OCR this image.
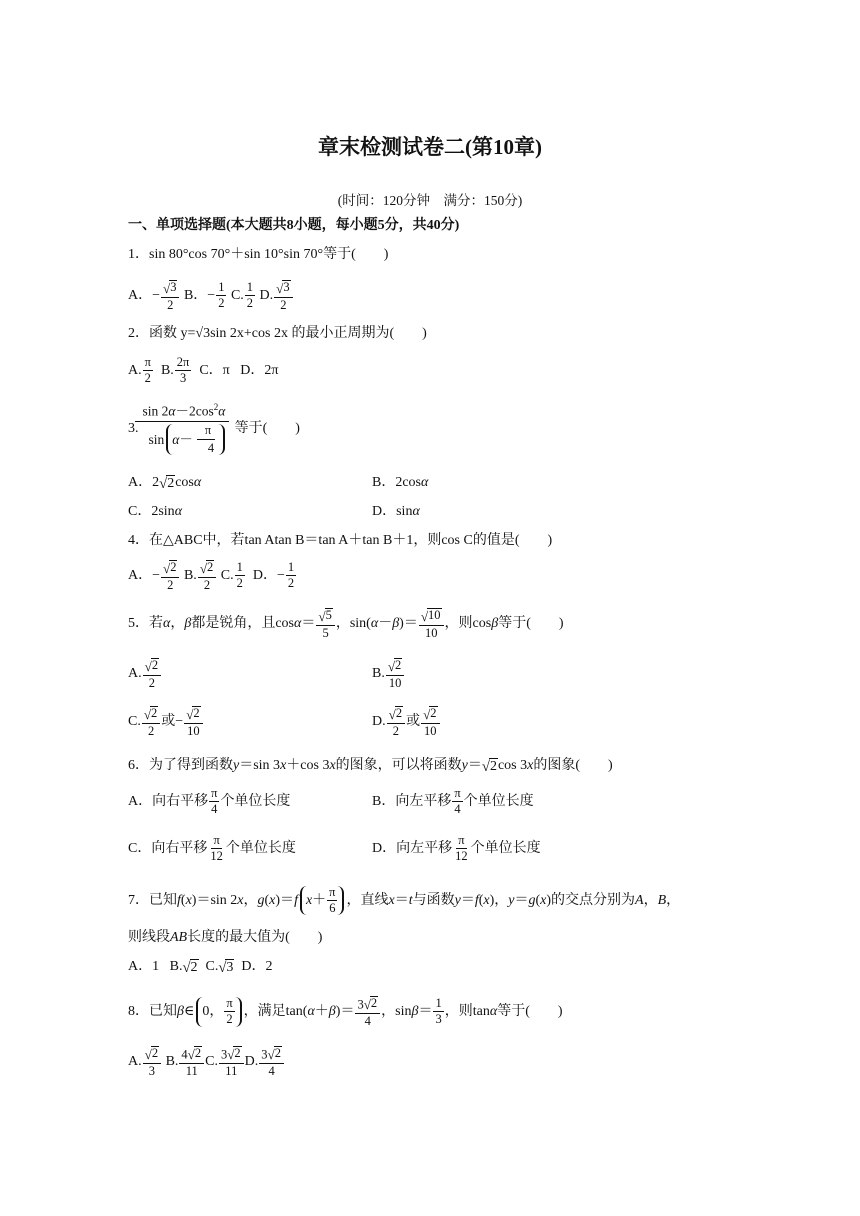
章末检测试卷二(第10章)
(时间：120分钟　满分：150分)
一、单项选择题(本大题共8小题，每小题5分，共40分)
1．sin 80°cos 70°＋sin 10°sin 70°等于(　　)
A．− $\frac{√ 3}{2}$ B．− $\frac{1}{2} C$. $\frac{1}{2} D$. $\frac{√ 3}{2}$
2．函数 y=√3sin 2x+cos 2x 的最小正周期为(　　)
A. $\frac{\pi}{2} B$. $\frac{2\pi}{3}$ C．π   D．2π
3.
$\frac{\sin 2\alpha-2\cos^2\alpha}{\sin \alpha - \frac{\pi}{4}}$ 等于(　　)
A．2 √ 2 cos α	B．2cos α
C．2sin α	D．sin α
4．在△ABC中，若tan Atan B＝tan A＋tan B＋1，则cos C的值是(　　)
A．− $\frac{√ 2}{2} B$. $\frac{√ 2}{2} C$. $\frac{1}{2}$ D．− $\frac{1}{2}$
5．若 α ， β 都是锐角，且$\cos \alpha = \frac{√ 5}{5}$ ，sin( α － β )＝ $\frac{√ 10}{10}$ ，则cos β 等于(　　)
A. $\frac{√ 2}{2}$	B. $\frac{√ 2}{10}$
C. $\frac{√ 2}{2}$ 或− $\frac{√ 2}{10}$	D. $\frac{√ 2}{2}$ 或 $\frac{√ 2}{10}$
6．为了得到函数 y ＝sin 3 x ＋cos 3 x 的图象，可以将函数 y ＝ √ 2 cos 3 x 的图象(　　)
A．向右平移 $\frac{\pi}{4}$ 个单位长度	B．向左平移 $\frac{\pi}{4}$ 个单位长度
C．向右平移 $\frac{\pi}{12}$ 个单位长度	D．向左平移 $\frac{\pi}{12}$ 个单位长度
7．已知 f ( x )＝sin 2 x ， g ( x )＝ f $x + \frac{\pi}{6}$ ，直线 x ＝ t 与函数 y ＝ f ( x )， y ＝ g ( x )的交点分别为 A ， B ，
则线段 AB 长度的最大值为(　　)
A．1   B. √ 2 C. √ 3 D．2
8．已知 β ∈ 0， $\frac{\pi}{2}$ ，满足tan( α ＋ β )＝ $\frac{3 √ 2}{4}$ ，$\sin \beta = \frac{1}{3}$ ，则tan α 等于(　　)
A. $\frac{√ 2}{3} B$. $\frac{4 √ 2}{11} C$. $\frac{3 √ 2}{11} D$. $\frac{3 √ 2}{4}$
